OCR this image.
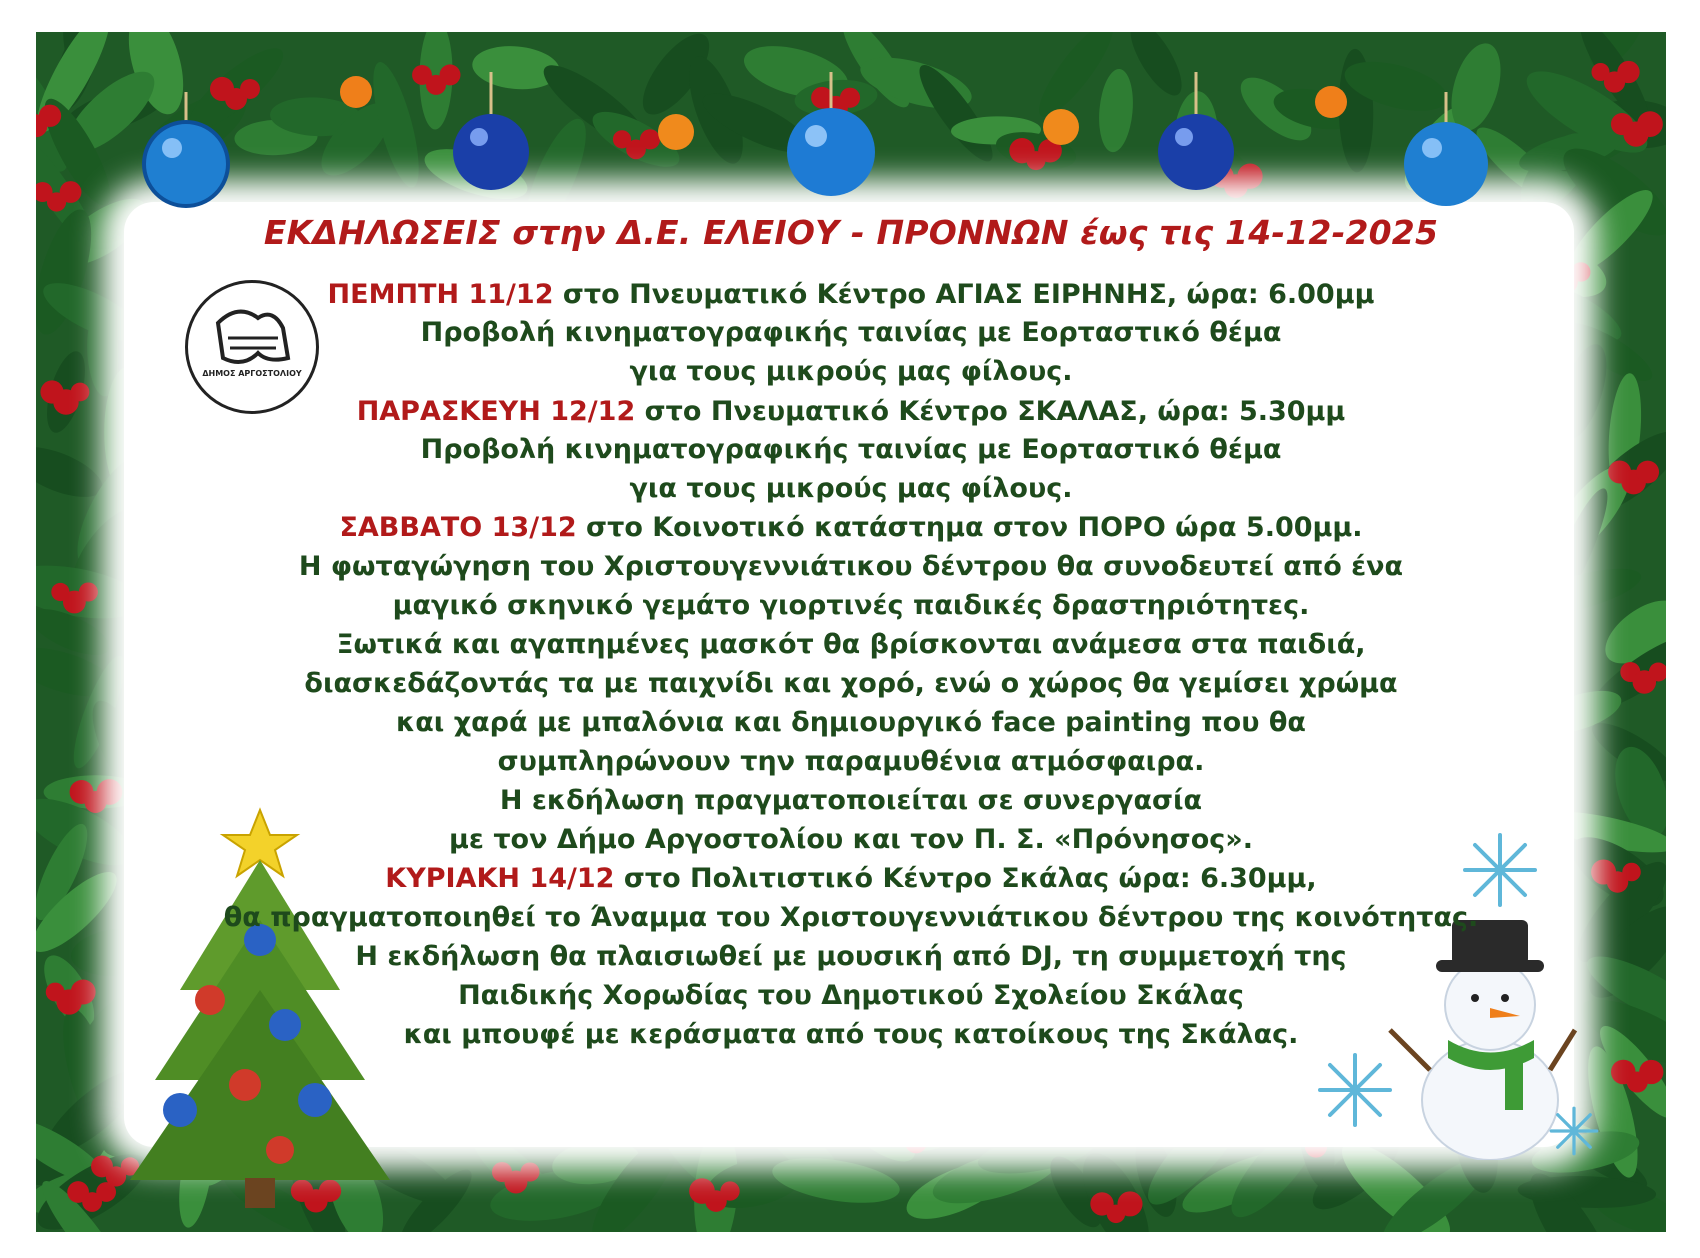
ΔΗΜΟΣ ΑΡΓΟΣΤΟΛΙΟΥ
ΕΚΔΗΛΩΣΕΙΣ στην Δ.Ε. ΕΛΕΙΟΥ - ΠΡΟΝΝΩΝ έως τις 14-12-2025
ΠΕΜΠΤΗ 11/12 στο Πνευματικό Κέντρο ΑΓΙΑΣ ΕΙΡΗΝΗΣ, ώρα: 6.00μμ
Προβολή κινηματογραφικής ταινίας με Εορταστικό θέμα
για τους μικρούς μας φίλους.
ΠΑΡΑΣΚΕΥΗ 12/12 στο Πνευματικό Κέντρο ΣΚΑΛΑΣ, ώρα: 5.30μμ
Προβολή κινηματογραφικής ταινίας με Εορταστικό θέμα
για τους μικρούς μας φίλους.
ΣΑΒΒΑΤΟ 13/12 στο Κοινοτικό κατάστημα στον ΠΟΡΟ ώρα 5.00μμ.
Η φωταγώγηση του Χριστουγεννιάτικου δέντρου θα συνοδευτεί από ένα
μαγικό σκηνικό γεμάτο γιορτινές παιδικές δραστηριότητες.
Ξωτικά και αγαπημένες μασκότ θα βρίσκονται ανάμεσα στα παιδιά,
διασκεδάζοντάς τα με παιχνίδι και χορό, ενώ ο χώρος θα γεμίσει χρώμα
και χαρά με μπαλόνια και δημιουργικό face painting που θα
συμπληρώνουν την παραμυθένια ατμόσφαιρα.
Η εκδήλωση πραγματοποιείται σε συνεργασία
με τον Δήμο Αργοστολίου και τον Π. Σ. «Πρόνησος».
ΚΥΡΙΑΚΗ 14/12 στο Πολιτιστικό Κέντρο Σκάλας ώρα: 6.30μμ,
θα πραγματοποιηθεί το Άναμμα του Χριστουγεννιάτικου δέντρου της κοινότητας.
Η εκδήλωση θα πλαισιωθεί με μουσική από DJ, τη συμμετοχή της
Παιδικής Χορωδίας του Δημοτικού Σχολείου Σκάλας
και μπουφέ με κεράσματα από τους κατοίκους της Σκάλας.
